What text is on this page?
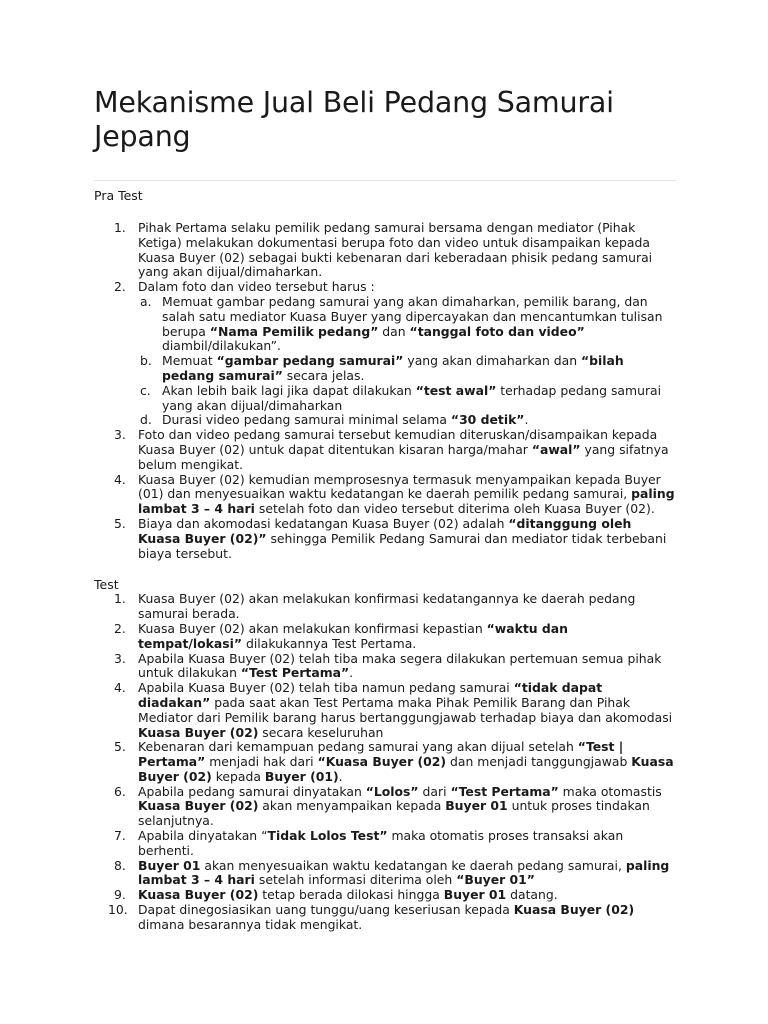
Mekanisme Jual Beli Pedang Samurai Jepang
Pra Test
1. Pihak Pertama selaku pemilik pedang samurai bersama dengan mediator (Pihak Ketiga) melakukan dokumentasi berupa foto dan video untuk disampaikan kepada Kuasa Buyer (02) sebagai bukti kebenaran dari keberadaan phisik pedang samurai yang akan dijual/dimaharkan.
2. Dalam foto dan video tersebut harus :
a. Memuat gambar pedang samurai yang akan dimaharkan, pemilik barang, dan salah satu mediator Kuasa Buyer yang dipercayakan dan mencantumkan tulisan berupa “Nama Pemilik pedang” dan “tanggal foto dan video” diambil/dilakukan”.
b. Memuat “gambar pedang samurai” yang akan dimaharkan dan “bilah pedang samurai” secara jelas.
c. Akan lebih baik lagi jika dapat dilakukan “test awal” terhadap pedang samurai yang akan dijual/dimaharkan
d. Durasi video pedang samurai minimal selama “30 detik”.
3. Foto dan video pedang samurai tersebut kemudian diteruskan/disampaikan kepada Kuasa Buyer (02) untuk dapat ditentukan kisaran harga/mahar “awal” yang sifatnya belum mengikat.
4. Kuasa Buyer (02) kemudian memprosesnya termasuk menyampaikan kepada Buyer (01) dan menyesuaikan waktu kedatangan ke daerah pemilik pedang samurai, paling lambat 3 – 4 hari setelah foto dan video tersebut diterima oleh Kuasa Buyer (02).
5. Biaya dan akomodasi kedatangan Kuasa Buyer (02) adalah “ditanggung oleh Kuasa Buyer (02)” sehingga Pemilik Pedang Samurai dan mediator tidak terbebani biaya tersebut.
Test
1. Kuasa Buyer (02) akan melakukan konfirmasi kedatangannya ke daerah pedang samurai berada.
2. Kuasa Buyer (02) akan melakukan konfirmasi kepastian “waktu dan tempat/lokasi” dilakukannya Test Pertama.
3. Apabila Kuasa Buyer (02) telah tiba maka segera dilakukan pertemuan semua pihak untuk dilakukan “Test Pertama”.
4. Apabila Kuasa Buyer (02) telah tiba namun pedang samurai “tidak dapat diadakan” pada saat akan Test Pertama maka Pihak Pemilik Barang dan Pihak Mediator dari Pemilik barang harus bertanggungjawab terhadap biaya dan akomodasi Kuasa Buyer (02) secara keseluruhan
5. Kebenaran dari kemampuan pedang samurai yang akan dijual setelah “Test | Pertama” menjadi hak dari “Kuasa Buyer (02) dan menjadi tanggungjawab Kuasa Buyer (02) kepada Buyer (01).
6. Apabila pedang samurai dinyatakan “Lolos” dari “Test Pertama” maka otomastis Kuasa Buyer (02) akan menyampaikan kepada Buyer 01 untuk proses tindakan selanjutnya.
7. Apabila dinyatakan “Tidak Lolos Test” maka otomatis proses transaksi akan berhenti.
8. Buyer 01 akan menyesuaikan waktu kedatangan ke daerah pedang samurai, paling lambat 3 – 4 hari setelah informasi diterima oleh “Buyer 01”
9. Kuasa Buyer (02) tetap berada dilokasi hingga Buyer 01 datang.
10. Dapat dinegosiasikan uang tunggu/uang keseriusan kepada Kuasa Buyer (02) dimana besarannya tidak mengikat.
